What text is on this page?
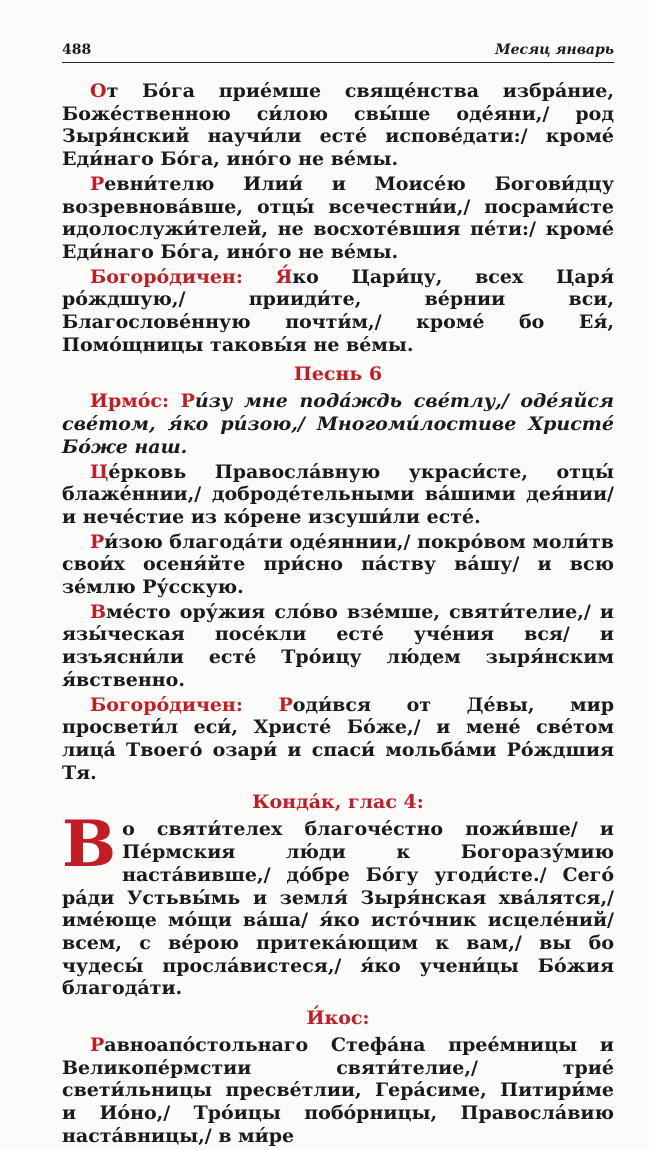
488	Месяц январь

От Бо́га прие́мше свяще́нства избра́ние, Боже́ственною си́лою свы́ше оде́яни,/ род Зыря́нский научи́ли есте́ испове́дати:/ кроме́ Еди́наго Бо́га, ино́го не ве́мы.

Ревни́телю Илии́ и Моисе́ю Богови́дцу возревнова́вше, отцы́ всечестни́и,/ посрами́сте идолослужи́телей, не восхоте́вшия пе́ти:/ кроме́ Еди́наго Бо́га, ино́го не ве́мы.

Богоро́дичен: Я́ко Цари́цу, всех Царя́ ро́ждшую,/ прииди́те, ве́рнии вси, Благослове́нную почти́м,/ кроме́ бо Ея́, Помо́щницы таковы́я не ве́мы.

Песнь 6

Ирмо́с: Ри́зу мне пода́ждь све́тлу,/ оде́яйся све́том, я́ко ри́зою,/ Многоми́лостиве Христе́ Бо́же наш.

Це́рковь Правосла́вную украси́сте, отцы́ блаже́ннии,/ доброде́тельными ва́шими дея́нии/ и нече́стие из ко́рене изсуши́ли есте́.

Ри́зою благода́ти оде́яннии,/ покро́вом моли́тв свои́х осеня́йте при́сно па́ству ва́шу/ и всю зе́млю Ру́сскую.

Вме́сто ору́жия сло́во взе́мше, святи́телие,/ и язы́ческая посе́кли есте́ уче́ния вся/ и изъясни́ли есте́ Тро́ицу лю́дем зыря́нским я́вственно.

Богоро́дичен: Роди́вся от Де́вы, мир просвети́л еси́, Христе́ Бо́же,/ и мене́ све́том лица́ Твоего́ озари́ и спаси́ мольба́ми Ро́ждшия Тя.

Конда́к, глас 4:

Во святи́телех благоче́стно пожи́вше/ и Пе́рмския лю́ди к Богоразу́мию наста́вивше,/ до́бре Бо́гу угоди́сте./ Сего́ ра́ди Устьвы́мь и земля́ Зыря́нская хва́лятся,/ име́юще мо́щи ва́ша/ я́ко исто́чник исцеле́ний/ всем, с ве́рою притека́ющим к вам,/ вы бо чудесы́ просла́вистеся,/ я́ко учени́цы Бо́жия благода́ти.

И́кос:

Равноапо́стольнаго Стефа́на прее́мницы и Великопе́рмстии святи́телие,/ трие́ свети́льницы пресве́тлии, Гера́симе, Питири́ме и Ио́но,/ Тро́ицы побо́рницы, Правосла́вию наста́вницы,/ в ми́ре
